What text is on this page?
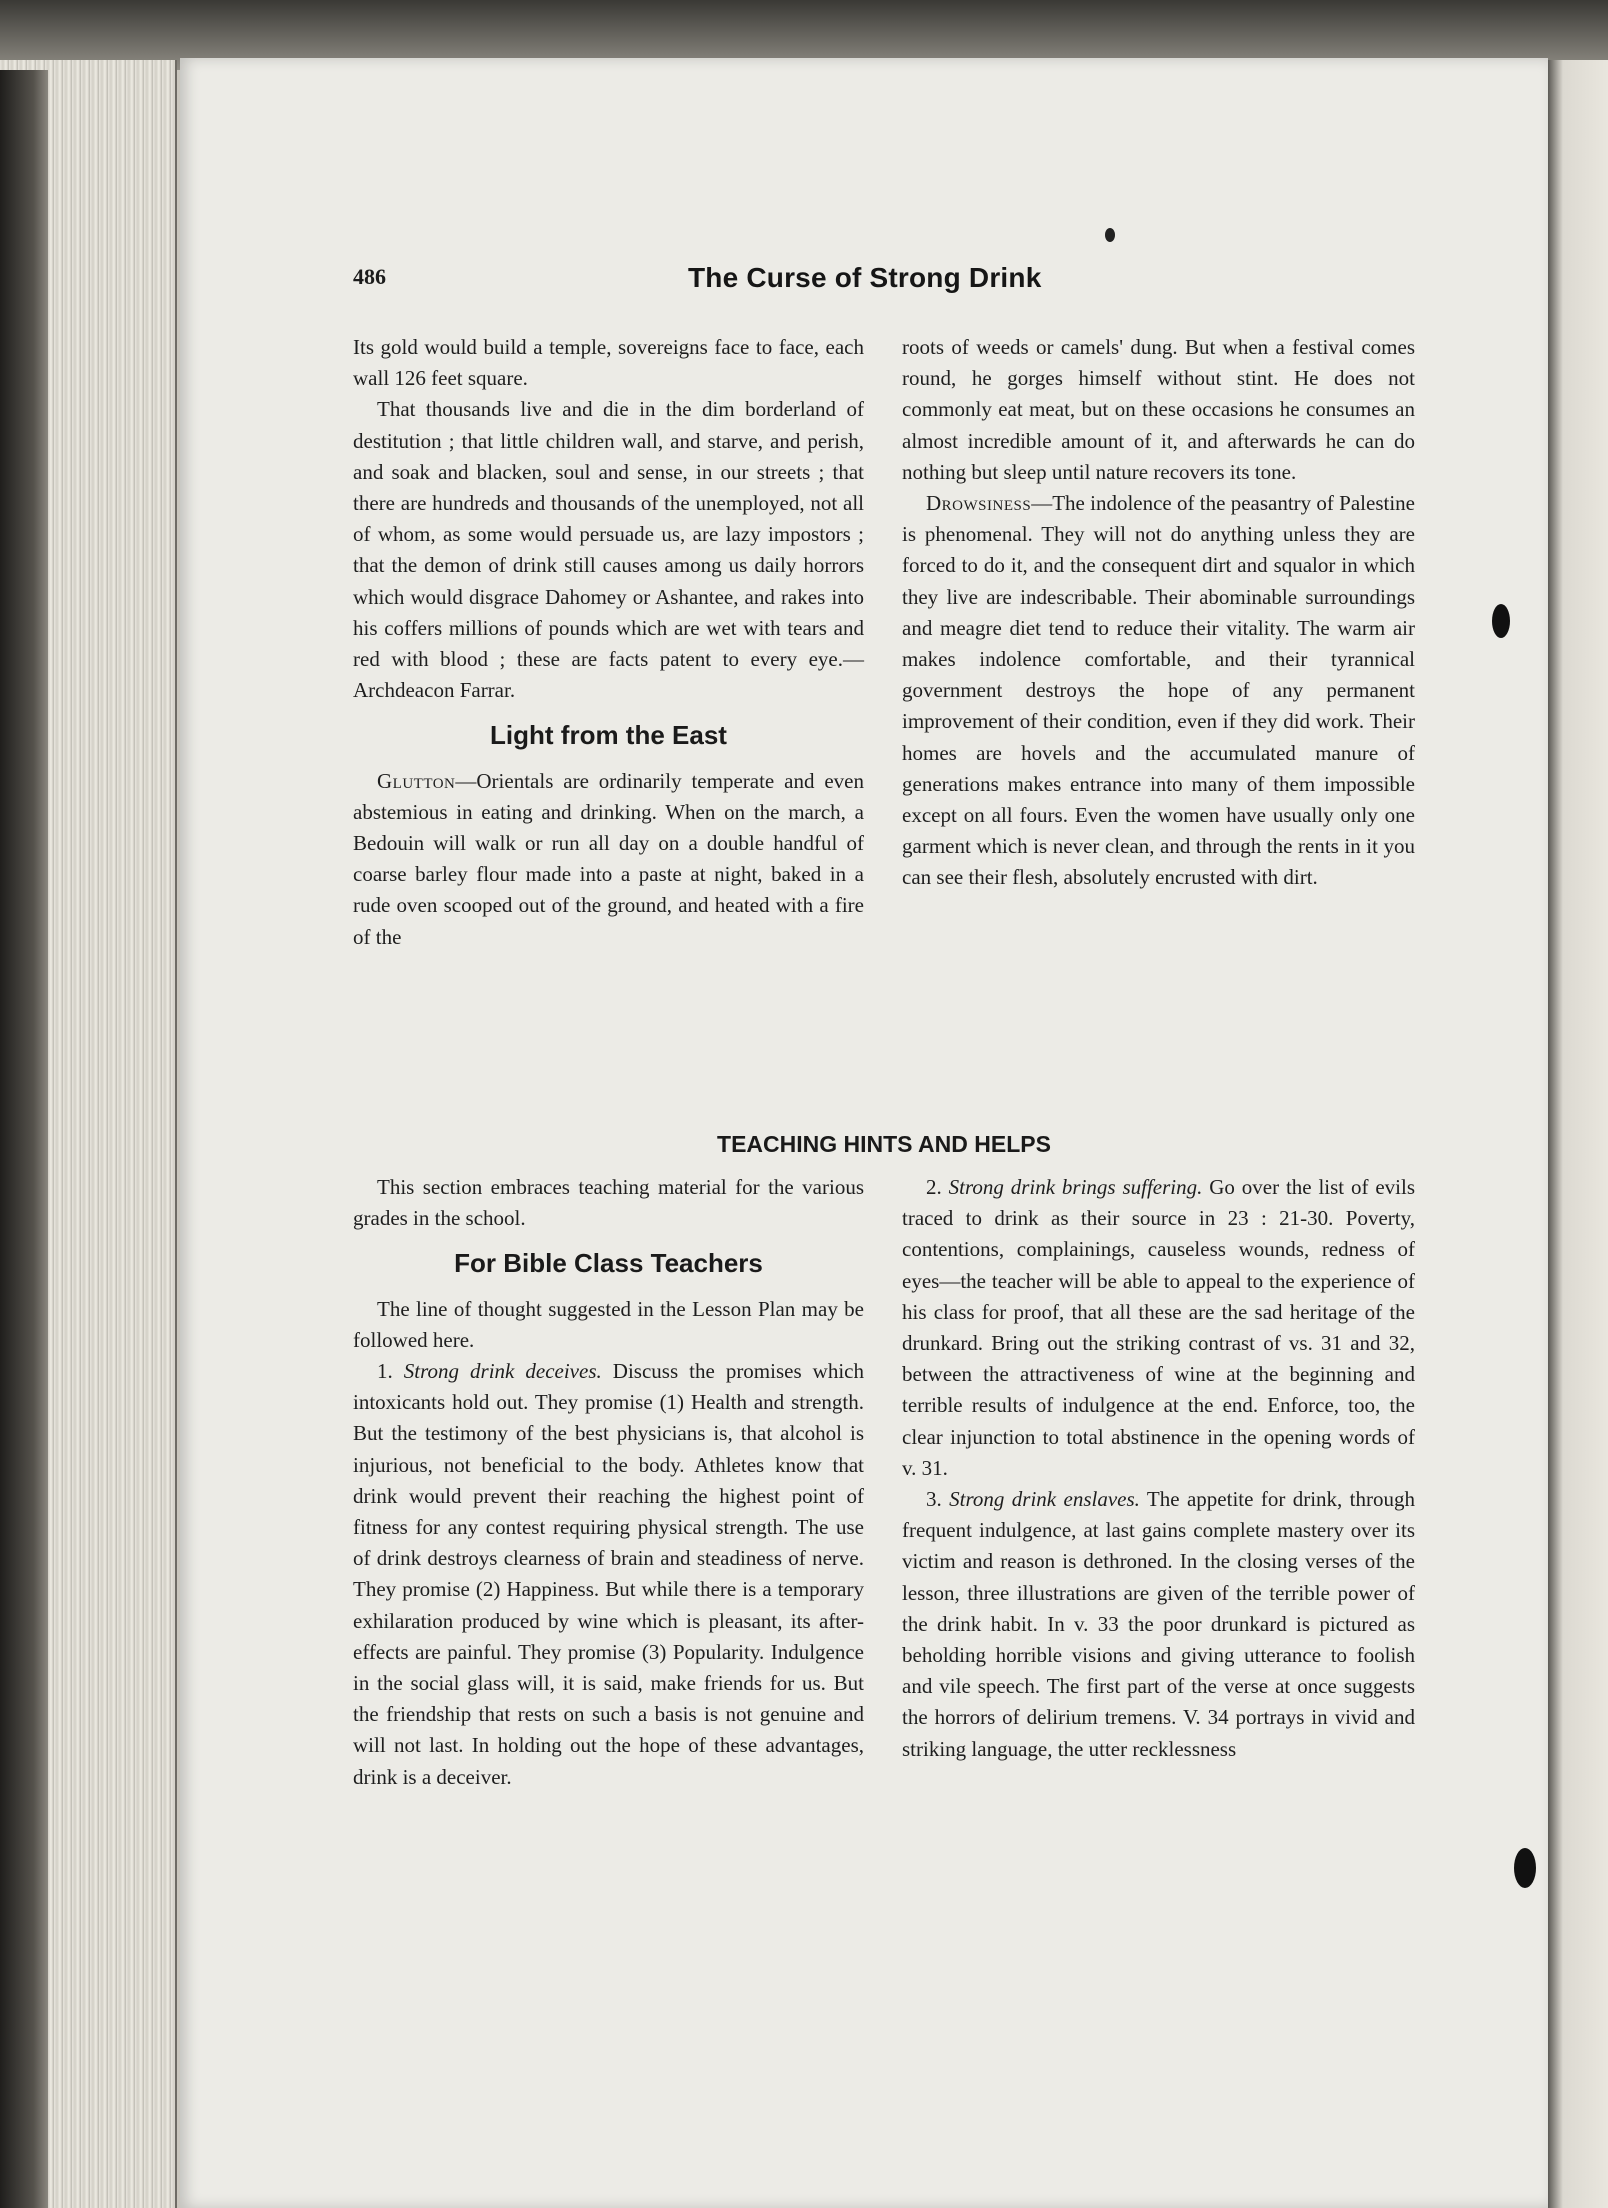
486	The Curse of Strong Drink

Its gold would build a temple, sovereigns face to face, each wall 126 feet square.

That thousands live and die in the dim borderland of destitution ; that little children wall, and starve, and perish, and soak and blacken, soul and sense, in our streets ; that there are hundreds and thousands of the unemployed, not all of whom, as some would persuade us, are lazy impostors ; that the demon of drink still causes among us daily horrors which would disgrace Dahomey or Ashantee, and rakes into his coffers millions of pounds which are wet with tears and red with blood ; these are facts patent to every eye.—Archdeacon Farrar.

Light from the East

Glutton—Orientals are ordinarily temperate and even abstemious in eating and drinking. When on the march, a Bedouin will walk or run all day on a double handful of coarse barley flour made into a paste at night, baked in a rude oven scooped out of the ground, and heated with a fire of the

roots of weeds or camels' dung. But when a festival comes round, he gorges himself without stint. He does not commonly eat meat, but on these occasions he consumes an almost incredible amount of it, and afterwards he can do nothing but sleep until nature recovers its tone.

Drowsiness—The indolence of the peasantry of Palestine is phenomenal. They will not do anything unless they are forced to do it, and the consequent dirt and squalor in which they live are indescribable. Their abominable surroundings and meagre diet tend to reduce their vitality. The warm air makes indolence comfortable, and their tyrannical government destroys the hope of any permanent improvement of their condition, even if they did work. Their homes are hovels and the accumulated manure of generations makes entrance into many of them impossible except on all fours. Even the women have usually only one garment which is never clean, and through the rents in it you can see their flesh, absolutely encrusted with dirt.

TEACHING HINTS AND HELPS

This section embraces teaching material for the various grades in the school.

For Bible Class Teachers

The line of thought suggested in the Lesson Plan may be followed here.

1. Strong drink deceives. Discuss the promises which intoxicants hold out. They promise (1) Health and strength. But the testimony of the best physicians is, that alcohol is injurious, not beneficial to the body. Athletes know that drink would prevent their reaching the highest point of fitness for any contest requiring physical strength. The use of drink destroys clearness of brain and steadiness of nerve. They promise (2) Happiness. But while there is a temporary exhilaration produced by wine which is pleasant, its after-effects are painful. They promise (3) Popularity. Indulgence in the social glass will, it is said, make friends for us. But the friendship that rests on such a basis is not genuine and will not last. In holding out the hope of these advantages, drink is a deceiver.

2. Strong drink brings suffering. Go over the list of evils traced to drink as their source in 23 : 21-30. Poverty, contentions, complainings, causeless wounds, redness of eyes—the teacher will be able to appeal to the experience of his class for proof, that all these are the sad heritage of the drunkard. Bring out the striking contrast of vs. 31 and 32, between the attractiveness of wine at the beginning and terrible results of indulgence at the end. Enforce, too, the clear injunction to total abstinence in the opening words of v. 31.

3. Strong drink enslaves. The appetite for drink, through frequent indulgence, at last gains complete mastery over its victim and reason is dethroned. In the closing verses of the lesson, three illustrations are given of the terrible power of the drink habit. In v. 33 the poor drunkard is pictured as beholding horrible visions and giving utterance to foolish and vile speech. The first part of the verse at once suggests the horrors of delirium tremens. V. 34 portrays in vivid and striking language, the utter recklessness
